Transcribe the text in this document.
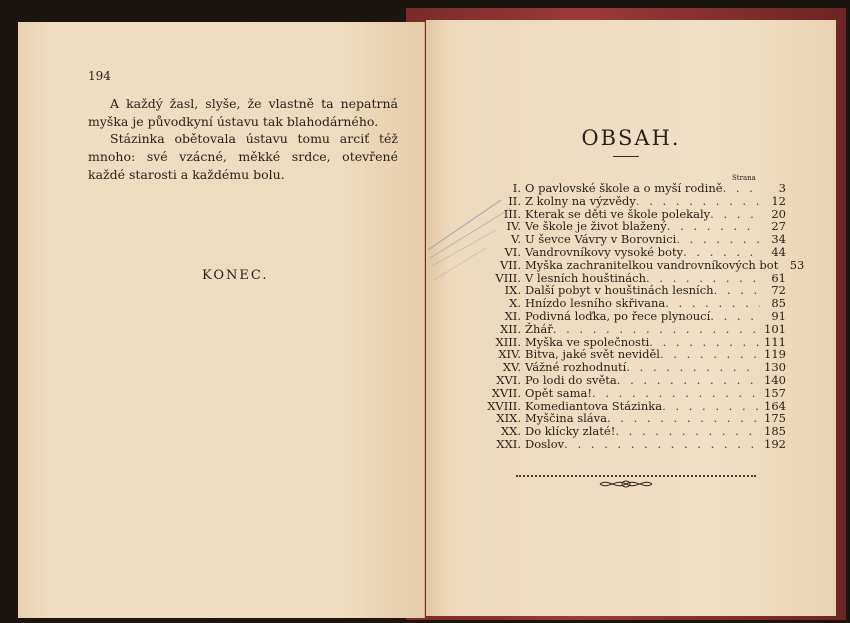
194

A každý žasl, slyše, že vlastně ta nepatrná myška je původkyní ústavu tak blahodárného.

Stázinka obětovala ústavu tomu arciť též mnoho: své vzácné, měkké srdce, otevřené každé starosti a každému bolu.

KONEC.
OBSAH.
Strana
I. O pavlovské škole a o myší rodině . . .	3
II. Z kolny na výzvědy . . .	12
III. Kterak se děti ve škole polekaly . . .	20
IV. Ve škole je život blažený . . .	27
V. U ševce Vávry v Borovnici . . .	34
VI. Vandrovníkovy vysoké boty . . .	44
VII. Myška zachranitelkou vandrovníkových bot 53
VIII. V lesních houštinách . . .	61
IX. Další pobyt v houštinách lesních . . .	72
X. Hnízdo lesního skřivana . . .	85
XI. Podivná loďka, po řece plynoucí . . .	91
XII. Žhář . . .	101
XIII. Myška ve společnosti . . .	111
XIV. Bitva, jaké svět neviděl . . .	119
XV. Vážné rozhodnutí . . .	130
XVI. Po lodi do světa . . .	140
XVII. Opět sama! . . .	157
XVIII. Komediantova Stázinka . . .	164
XIX. Myščina sláva . . .	175
XX. Do klícky zlaté! . . .	185
XXI. Doslov . . .	192
